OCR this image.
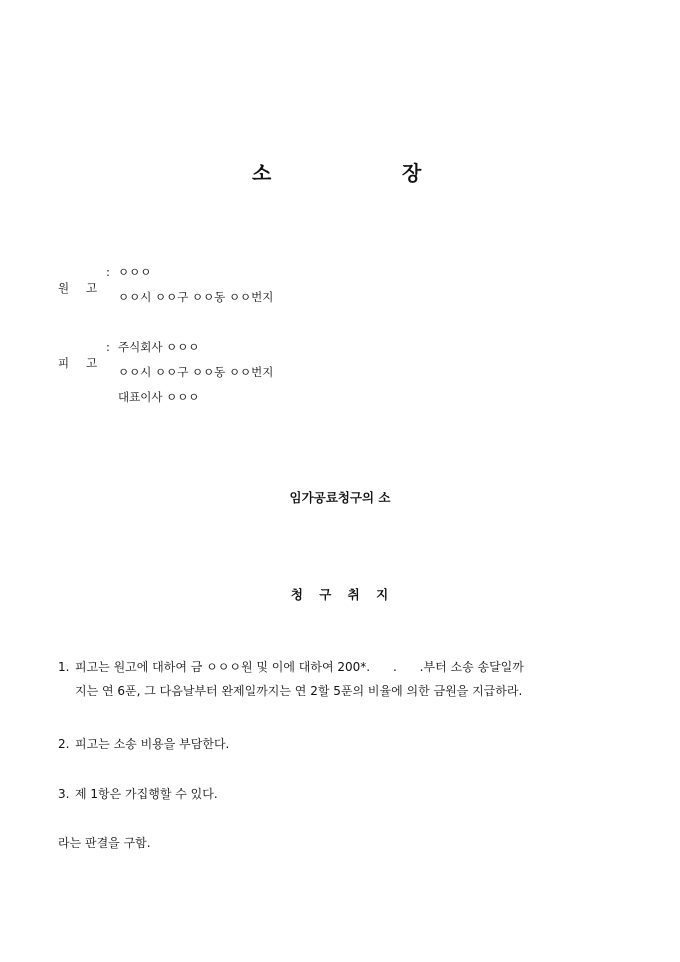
소	장
원 고
: ㅇㅇㅇ
ㅇㅇ시 ㅇㅇ구 ㅇㅇ동 ㅇㅇ번지
피 고
: 주식회사 ㅇㅇㅇ
ㅇㅇ시 ㅇㅇ구 ㅇㅇ동 ㅇㅇ번지
대표이사 ㅇㅇㅇ
임가공료청구의 소
청 구 취 지
1. 피고는 원고에 대하여 금 ㅇㅇㅇ원 및 이에 대하여 200*.      .      .부터 소송 송달일까
지는 연 6푼, 그 다음날부터 완제일까지는 연 2할 5푼의 비율에 의한 금원을 지급하라.
2. 피고는 소송 비용을 부담한다.
3. 제 1항은 가집행할 수 있다.
라는 판결을 구함.
